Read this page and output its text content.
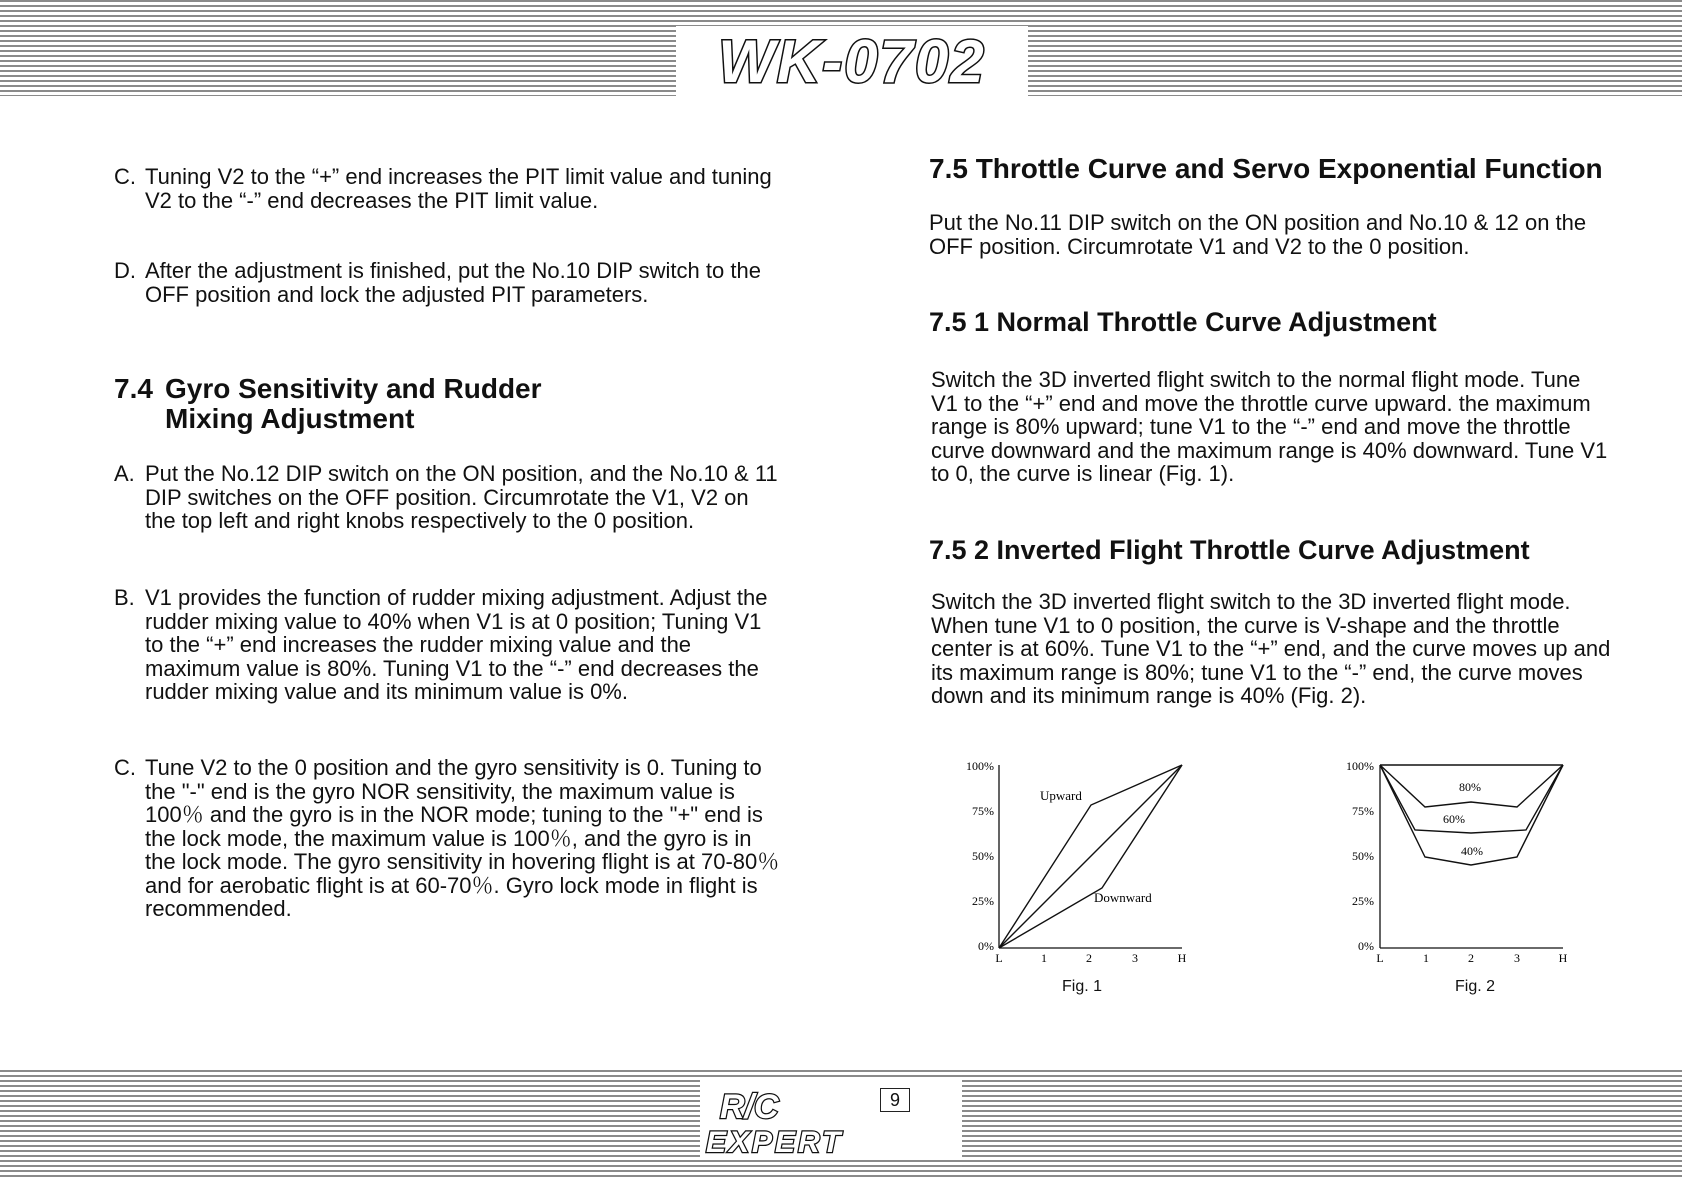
WK-0702

C. Tuning V2 to the “+” end increases the PIT limit value and tuning V2 to the “-” end decreases the PIT limit value.

D. After the adjustment is finished, put the No.10 DIP switch to the OFF position and lock the adjusted PIT parameters.

7.4 Gyro Sensitivity and Rudder Mixing Adjustment

A. Put the No.12 DIP switch on the ON position, and the No.10 & 11 DIP switches on the OFF position. Circumrotate the V1, V2 on the top left and right knobs respectively to the 0 position.

B. V1 provides the function of rudder mixing adjustment. Adjust the rudder mixing value to 40% when V1 is at 0 position; Tuning V1 to the “+” end increases the rudder mixing value and the maximum value is 80%. Tuning V1 to the “-” end decreases the rudder mixing value and its minimum value is 0%.

C. Tune V2 to the 0 position and the gyro sensitivity is 0. Tuning to the "-" end is the gyro NOR sensitivity, the maximum value is 100％ and the gyro is in the NOR mode; tuning to the "+" end is the lock mode, the maximum value is 100％, and the gyro is in the lock mode. The gyro sensitivity in hovering flight is at 70-80％ and for aerobatic flight is at 60-70％. Gyro lock mode in flight is recommended.

7.5 Throttle Curve and Servo Exponential Function

Put the No.11 DIP switch on the ON position and No.10 & 12 on the OFF position. Circumrotate V1 and V2 to the 0 position.

7.5 1 Normal Throttle Curve Adjustment

Switch the 3D inverted flight switch to the normal flight mode. Tune V1 to the “+” end and move the throttle curve upward. the maximum range is 80% upward; tune V1 to the “-” end and move the throttle curve downward and the maximum range is 40% downward. Tune V1 to 0, the curve is linear (Fig. 1).

7.5 2 Inverted Flight Throttle Curve Adjustment

Switch the 3D inverted flight switch to the 3D inverted flight mode. When tune V1 to 0 position, the curve is V-shape and the throttle center is at 60%. Tune V1 to the “+” end, and the curve moves up and its maximum range is 80%; tune V1 to the “-” end, the curve moves down and its minimum range is 40% (Fig. 2).

100%
75%
50%
25%
0%
L	1	2	3	H
Upward
Downward
Fig. 1
100%
75%
50%
25%
0%
L	1	2	3	H
80%
60%
40%
Fig. 2
R/C
EXPERT
9
